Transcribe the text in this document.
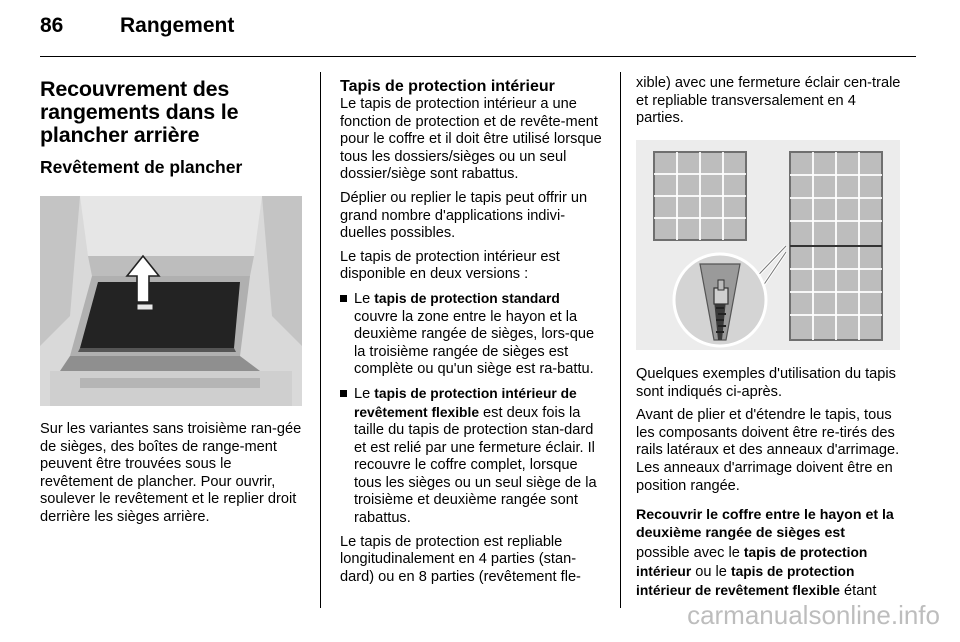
86	Rangement
Recouvrement des rangements dans le plancher arrière
Revêtement de plancher

Sur les variantes sans troisième ran-gée de sièges, des boîtes de range-ment peuvent être trouvées sous le revêtement de plancher. Pour ouvrir, soulever le revêtement et le replier droit derrière les sièges arrière.

Tapis de protection intérieur

Le tapis de protection intérieur a une fonction de protection et de revête-ment pour le coffre et il doit être utilisé lorsque tous les dossiers/sièges ou un seul dossier/siège sont rabattus.

Déplier ou replier le tapis peut offrir un grand nombre d'applications indivi-duelles possibles.

Le tapis de protection intérieur est disponible en deux versions :

Le tapis de protection standard couvre la zone entre le hayon et la deuxième rangée de sièges, lors-que la troisième rangée de sièges est complète ou qu'un siège est ra-battu.
Le tapis de protection intérieur de revêtement flexible est deux fois la taille du tapis de protection stan-dard et est relié par une fermeture éclair. Il recouvre le coffre complet, lorsque tous les sièges ou un seul siège de la troisième et deuxième rangée sont rabattus.

Le tapis de protection est repliable longitudinalement en 4 parties (stan-dard) ou en 8 parties (revêtement fle-

xible) avec une fermeture éclair cen-trale et repliable transversalement en 4 parties.

Quelques exemples d'utilisation du tapis sont indiqués ci-après.

Avant de plier et d'étendre le tapis, tous les composants doivent être re-tirés des rails latéraux et des anneaux d'arrimage. Les anneaux d'arrimage doivent être en position rangée.

Recouvrir le coffre entre le hayon et la deuxième rangée de sièges est

possible avec le tapis de protection intérieur ou le tapis de protection intérieur de revêtement flexible étant

carmanualsonline.info
